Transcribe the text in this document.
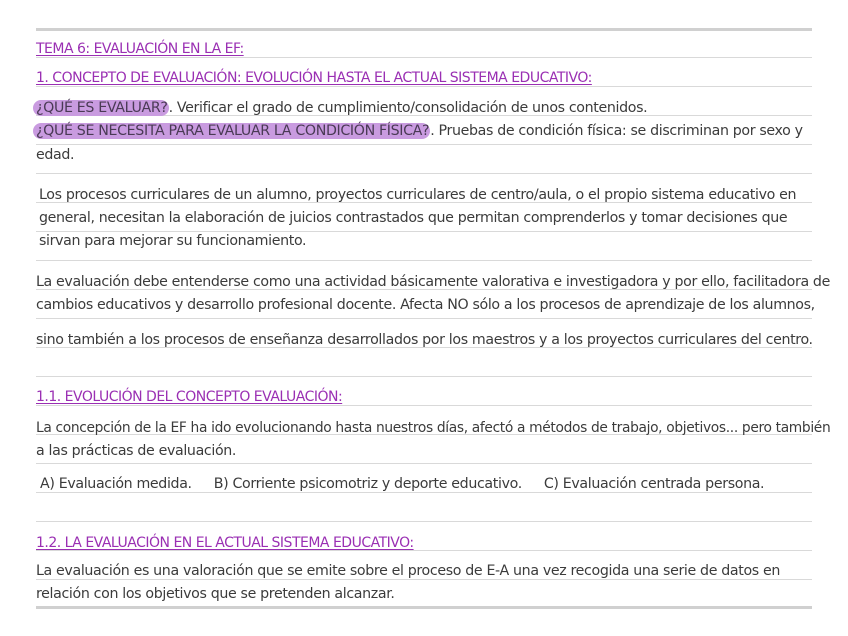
TEMA 6: EVALUACIÓN EN LA EF:
1. CONCEPTO DE EVALUACIÓN: EVOLUCIÓN HASTA EL ACTUAL SISTEMA EDUCATIVO:
¿QUÉ ES EVALUAR?. Verificar el grado de cumplimiento/consolidación de unos contenidos.
¿QUÉ SE NECESITA PARA EVALUAR LA CONDICIÓN FÍSICA?. Pruebas de condición física: se discriminan por sexo y
edad.
Los procesos curriculares de un alumno, proyectos curriculares de centro/aula, o el propio sistema educativo en
general, necesitan la elaboración de juicios contrastados que permitan comprenderlos y tomar decisiones que
sirvan para mejorar su funcionamiento.
La evaluación debe entenderse como una actividad básicamente valorativa e investigadora y por ello, facilitadora de
cambios educativos y desarrollo profesional docente. Afecta NO sólo a los procesos de aprendizaje de los alumnos,
sino también a los procesos de enseñanza desarrollados por los maestros y a los proyectos curriculares del centro.
1.1. EVOLUCIÓN DEL CONCEPTO EVALUACIÓN:
La concepción de la EF ha ido evolucionando hasta nuestros días, afectó a métodos de trabajo, objetivos... pero también
a las prácticas de evaluación.
A) Evaluación medida. B) Corriente psicomotriz y deporte educativo. C) Evaluación centrada persona.
1.2. LA EVALUACIÓN EN EL ACTUAL SISTEMA EDUCATIVO:
La evaluación es una valoración que se emite sobre el proceso de E-A una vez recogida una serie de datos en
relación con los objetivos que se pretenden alcanzar.
